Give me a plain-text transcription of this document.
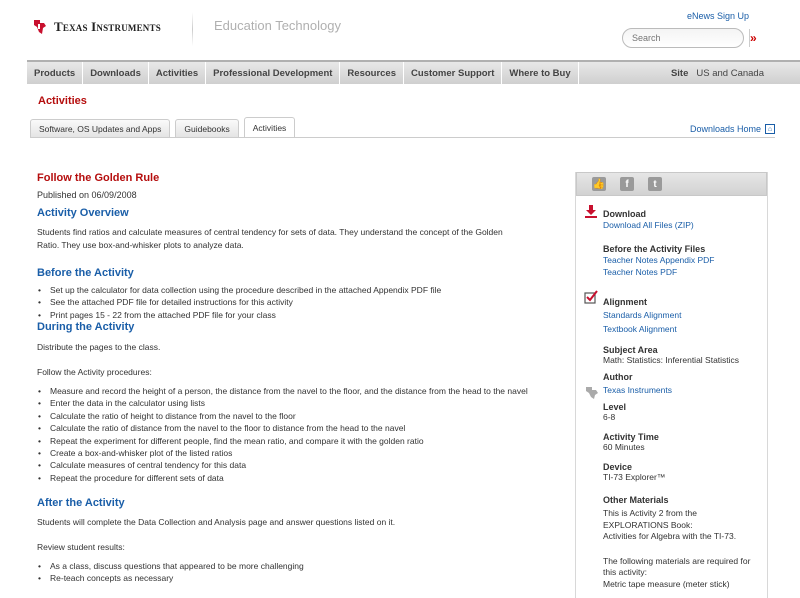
Texas Instruments	Education Technology
eNews Sign Up
Search
»
Products	Downloads	Activities	Professional Development	Resources	Customer Support	Where to Buy	Site US and Canada
Activities
Software, OS Updates and Apps	Guidebooks	Activities	Downloads Home ⌂
Follow the Golden Rule
Published on 06/09/2008
Activity Overview
Students find ratios and calculate measures of central tendency for sets of data. They understand the concept of the Golden Ratio. They use box-and-whisker plots to analyze data.
Before the Activity
• Set up the calculator for data collection using the procedure described in the attached Appendix PDF file
• See the attached PDF file for detailed instructions for this activity
• Print pages 15 - 22 from the attached PDF file for your class
During the Activity
Distribute the pages to the class.
Follow the Activity procedures:
• Measure and record the height of a person, the distance from the navel to the floor, and the distance from the head to the navel
• Enter the data in the calculator using lists
• Calculate the ratio of height to distance from the navel to the floor
• Calculate the ratio of distance from the navel to the floor to distance from the head to the navel
• Repeat the experiment for different people, find the mean ratio, and compare it with the golden ratio
• Create a box-and-whisker plot of the listed ratios
• Calculate measures of central tendency for this data
• Repeat the procedure for different sets of data
After the Activity
Students will complete the Data Collection and Analysis page and answer questions listed on it.
Review student results:
• As a class, discuss questions that appeared to be more challenging
• Re-teach concepts as necessary
👍	f	t
Download
Download All Files (ZIP)
Before the Activity Files
Teacher Notes Appendix PDF
Teacher Notes PDF
Alignment
Standards Alignment
Textbook Alignment
Subject Area
Math: Statistics: Inferential Statistics
Author
Texas Instruments
Level
6-8
Activity Time
60 Minutes
Device
TI-73 Explorer™
Other Materials
This is Activity 2 from the EXPLORATIONS Book:
Activities for Algebra with the TI-73.
The following materials are required for this activity:
Metric tape measure (meter stick)
